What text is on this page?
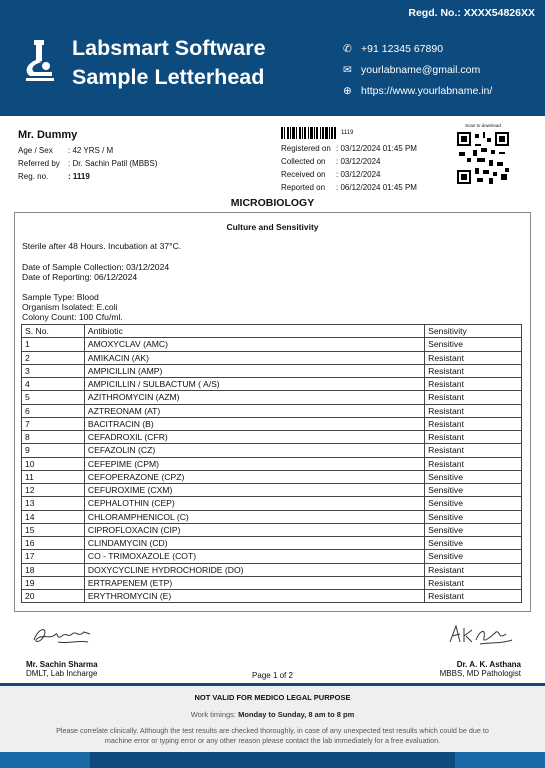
Regd. No.: XXXX54826XX
Labsmart Software
Sample Letterhead
✆ +91 12345 67890
✉ yourlabname@gmail.com
⊕ https://www.yourlabname.in/
Mr. Dummy
Age / Sex : 42 YRS / M
Referred by : Dr. Sachin Patil (MBBS)
Reg. no. : 1119
1119
Registered on : 03/12/2024 01:45 PM
Collected on : 03/12/2024
Received on : 03/12/2024
Reported on : 06/12/2024 01:45 PM
Scan to download
MICROBIOLOGY
Culture and Sensitivity
Sterile after 48 Hours. Incubation at 37°C.
Date of Sample Collection: 03/12/2024
Date of Reporting: 06/12/2024
Sample Type: Blood
Organism Isolated: E.coli
Colony Count: 100 Cfu/ml.
S. No.	Antibiotic	Sensitivity
1	AMOXYCLAV (AMC)	Sensitive
2	AMIKACIN (AK)	Resistant
3	AMPICILLIN (AMP)	Resistant
4	AMPICILLIN / SULBACTUM ( A/S)	Resistant
5	AZITHROMYCIN (AZM)	Resistant
6	AZTREONAM (AT)	Resistant
7	BACITRACIN (B)	Resistant
8	CEFADROXIL (CFR)	Resistant
9	CEFAZOLIN (CZ)	Resistant
10	CEFEPIME (CPM)	Resistant
11	CEFOPERAZONE (CPZ)	Sensitive
12	CEFUROXIME (CXM)	Sensitive
13	CEPHALOTHIN (CEP)	Sensitive
14	CHLORAMPHENICOL (C)	Sensitive
15	CIPROFLOXACIN (CIP)	Sensitive
16	CLINDAMYCIN (CD)	Sensitive
17	CO - TRIMOXAZOLE (COT)	Sensitive
18	DOXYCYCLINE HYDROCHORIDE (DO)	Resistant
19	ERTRAPENEM (ETP)	Resistant
20	ERYTHROMYCIN (E)	Resistant
Mr. Sachin Sharma
DMLT, Lab Incharge
Dr. A. K. Asthana
MBBS, MD Pathologist
Page 1 of 2
NOT VALID FOR MEDICO LEGAL PURPOSE
Work timings: Monday to Sunday, 8 am to 8 pm
Please correlate clinically. Although the test results are checked thoroughly, in case of any unexpected test results which could be due to machine error or typing error or any other reason please contact the lab immediately for a free evaluation.
